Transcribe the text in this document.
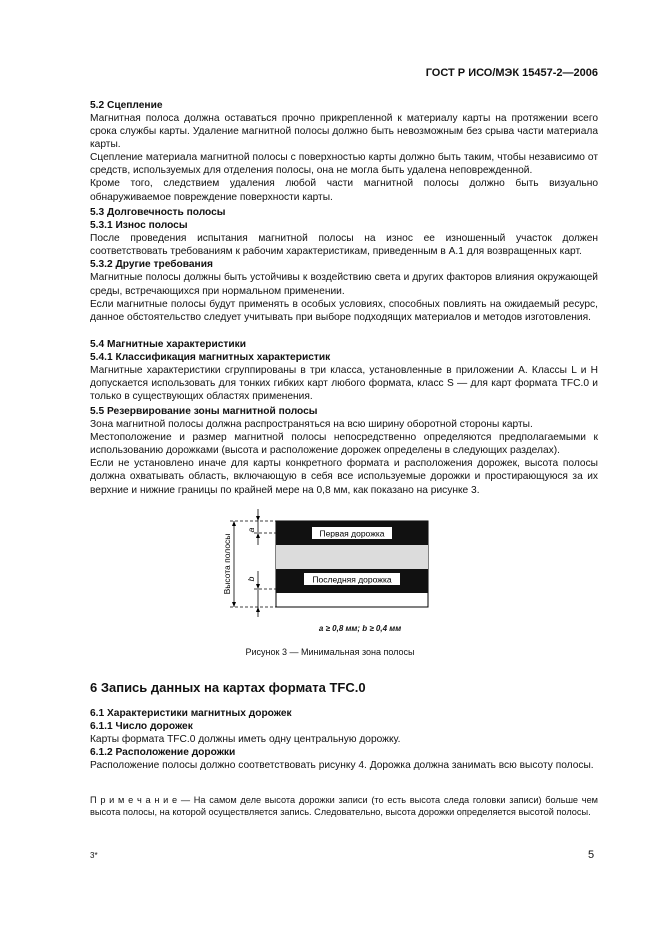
ГОСТ Р ИСО/МЭК 15457-2—2006

5.2 Сцепление

Магнитная полоса должна оставаться прочно прикрепленной к материалу карты на протяжении всего срока службы карты. Удаление магнитной полосы должно быть невозможным без срыва части материала карты.

Сцепление материала магнитной полосы с поверхностью карты должно быть таким, чтобы независимо от средств, используемых для отделения полосы, она не могла быть удалена неповрежденной.

Кроме того, следствием удаления любой части магнитной полосы должно быть визуально обнаруживаемое повреждение поверхности карты.

5.3 Долговечность полосы

5.3.1 Износ полосы

После проведения испытания магнитной полосы на износ ее изношенный участок должен соответствовать требованиям к рабочим характеристикам, приведенным в А.1 для возвращенных карт.

5.3.2 Другие требования

Магнитные полосы должны быть устойчивы к воздействию света и других факторов влияния окружающей среды, встречающихся при нормальном применении.

Если магнитные полосы будут применять в особых условиях, способных повлиять на ожидаемый ресурс, данное обстоятельство следует учитывать при выборе подходящих материалов и методов изготовления.

5.4 Магнитные характеристики

5.4.1 Классификация магнитных характеристик

Магнитные характеристики сгруппированы в три класса, установленные в приложении А. Классы L и Н допускается использовать для тонких гибких карт любого формата, класс S — для карт формата TFC.0 и только в существующих областях применения.

5.5 Резервирование зоны магнитной полосы

Зона магнитной полосы должна распространяться на всю ширину оборотной стороны карты.

Местоположение и размер магнитной полосы непосредственно определяются предполагаемыми к использованию дорожками (высота и расположение дорожек определены в следующих разделах).

Если не установлено иначе для карты конкретного формата и расположения дорожек, высота полосы должна охватывать область, включающую в себя все используемые дорожки и простирающуюся за их верхние и нижние границы по крайней мере на 0,8 мм, как показано на рисунке 3.

Первая дорожка
Последняя дорожка
Высота полосы
a
b
a ≥ 0,8 мм; b ≥ 0,4 мм
Рисунок 3 — Минимальная зона полосы
6 Запись данных на картах формата TFC.0

6.1 Характеристики магнитных дорожек

6.1.1 Число дорожек

Карты формата TFC.0 должны иметь одну центральную дорожку.

6.1.2 Расположение дорожки

Расположение полосы должно соответствовать рисунку 4. Дорожка должна занимать всю высоту полосы.

П р и м е ч а н и е — На самом деле высота дорожки записи (то есть высота следа головки записи) больше чем высота полосы, на которой осуществляется запись. Следовательно, высота дорожки определяется высотой полосы.
3*	5
